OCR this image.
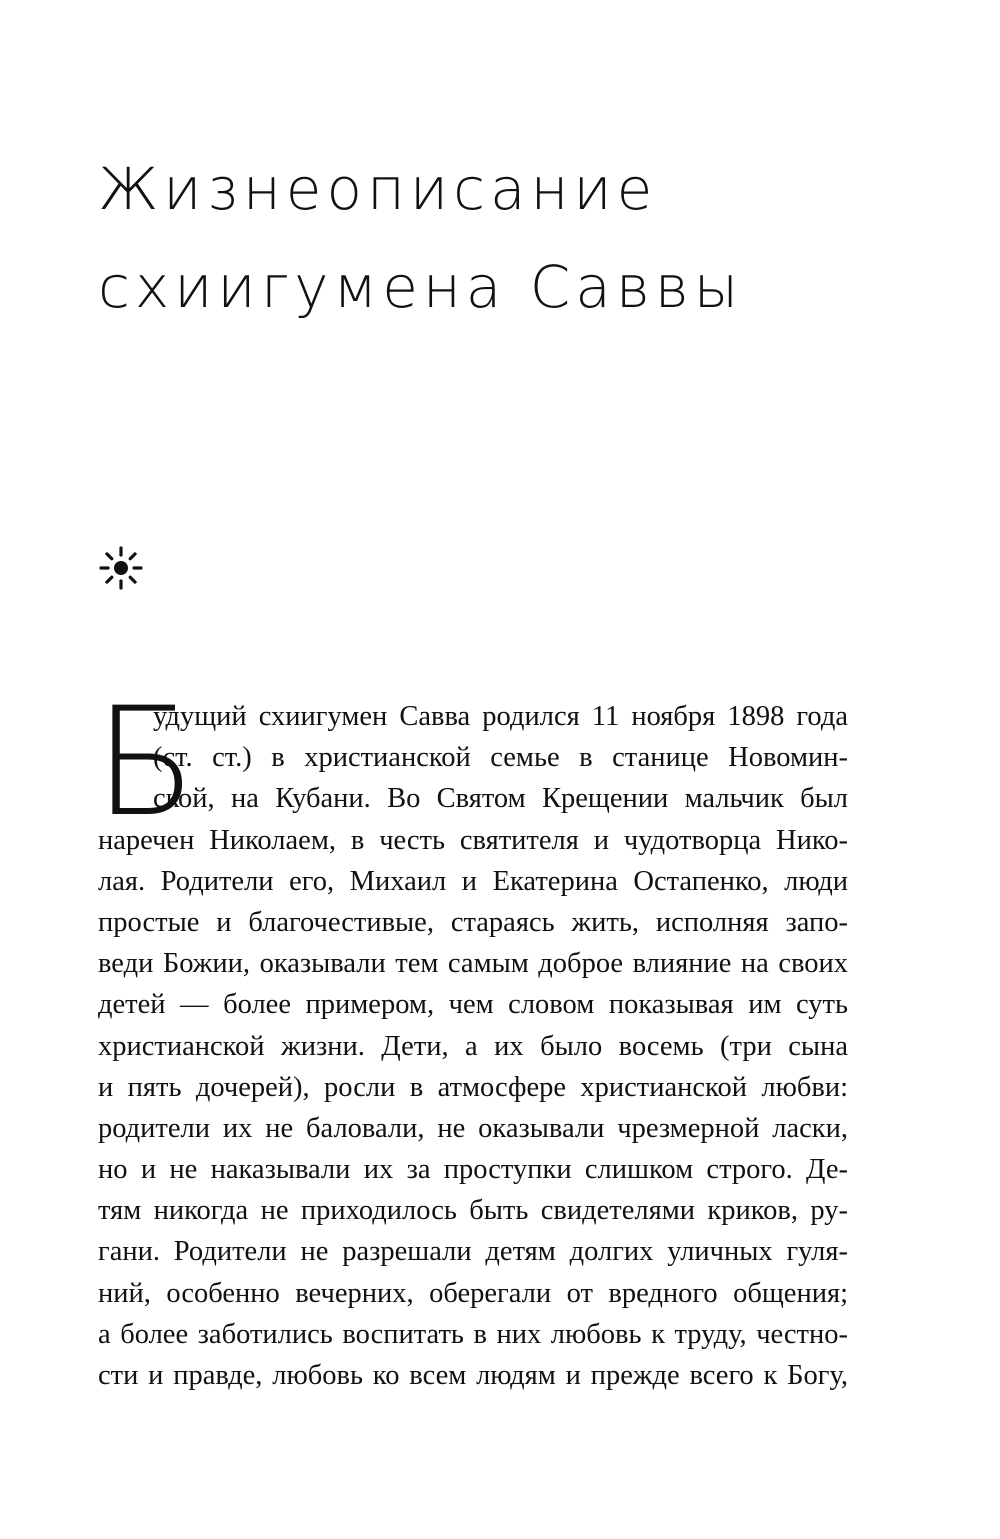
Жизнеописание
схиигумена Саввы
Б
удущий схиигумен Савва родился 11 ноября 1898 года
(ст. ст.) в христианской семье в станице Новомин-
ской, на Кубани. Во Святом Крещении мальчик был
наречен Николаем, в честь святителя и чудотворца Нико-
лая. Родители его, Михаил и Екатерина Остапенко, люди
простые и благочестивые, стараясь жить, исполняя запо-
веди Божии, оказывали тем самым доброе влияние на своих
детей — более примером, чем словом показывая им суть
христианской жизни. Дети, а их было восемь (три сына
и пять дочерей), росли в атмосфере христианской любви:
родители их не баловали, не оказывали чрезмерной ласки,
но и не наказывали их за проступки слишком строго. Де-
тям никогда не приходилось быть свидетелями криков, ру-
гани. Родители не разрешали детям долгих уличных гуля-
ний, особенно вечерних, оберегали от вредного общения;
а более заботились воспитать в них любовь к труду, честно-
сти и правде, любовь ко всем людям и прежде всего к Богу,
